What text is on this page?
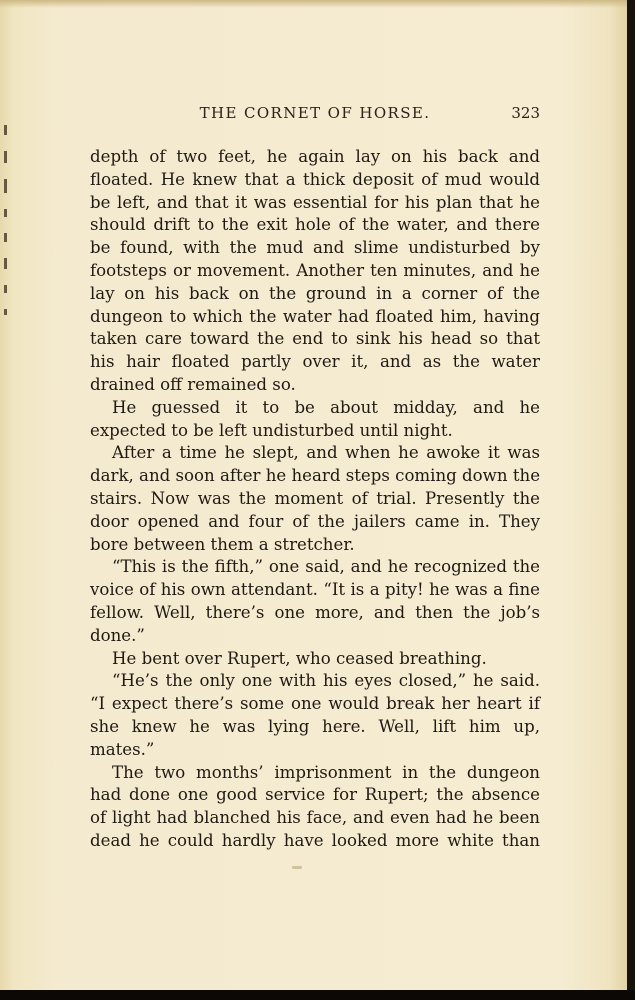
THE CORNET OF HORSE.	323

depth of two feet, he again lay on his back and floated. He knew that a thick deposit of mud would be left, and that it was essential for his plan that he should drift to the exit hole of the water, and there be found, with the mud and slime undisturbed by footsteps or movement. Another ten minutes, and he lay on his back on the ground in a corner of the dungeon to which the water had floated him, having taken care toward the end to sink his head so that his hair floated partly over it, and as the water drained off remained so.

He guessed it to be about midday, and he expected to be left undisturbed until night.

After a time he slept, and when he awoke it was dark, and soon after he heard steps coming down the stairs. Now was the moment of trial. Presently the door opened and four of the jailers came in. They bore between them a stretcher.

“This is the fifth,” one said, and he recognized the voice of his own attendant. “It is a pity! he was a fine fellow. Well, there’s one more, and then the job’s done.”

He bent over Rupert, who ceased breathing.

“He’s the only one with his eyes closed,” he said. “I expect there’s some one would break her heart if she knew he was lying here. Well, lift him up, mates.”

The two months’ imprisonment in the dungeon had done one good service for Rupert; the absence of light had blanched his face, and even had he been dead he could hardly have looked more white than
